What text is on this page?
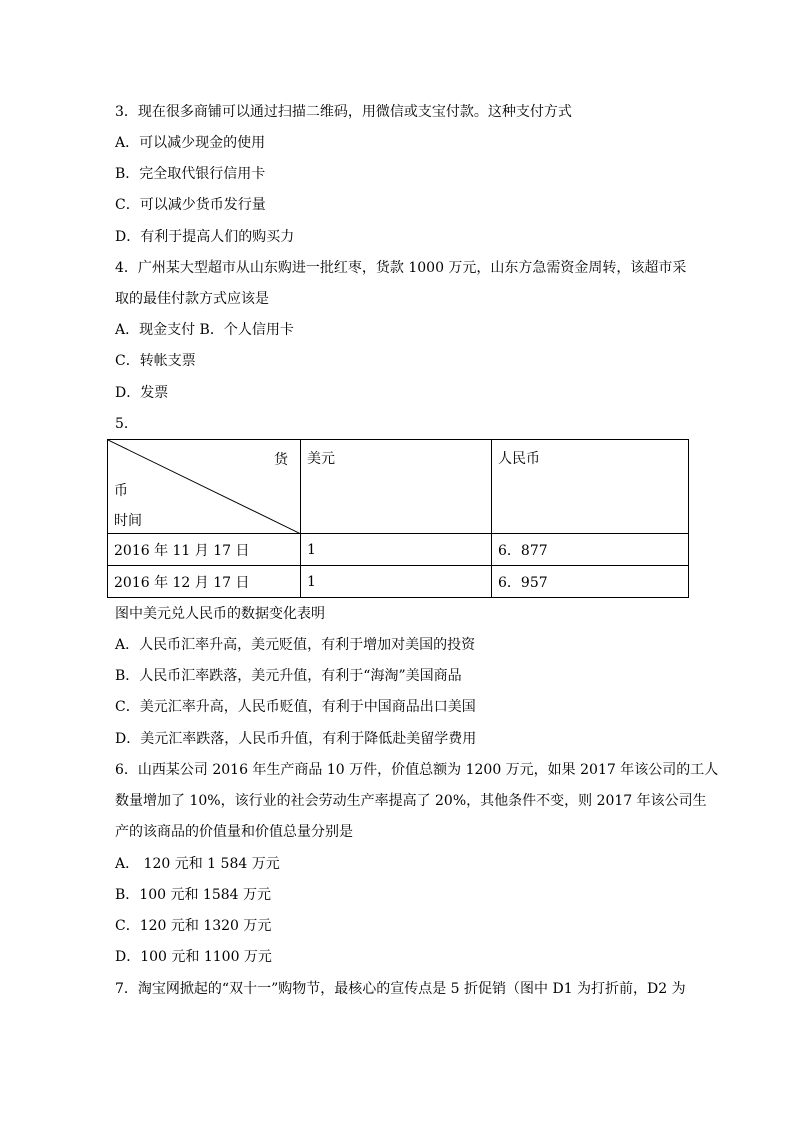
3．现在很多商铺可以通过扫描二维码，用微信或支宝付款。这种支付方式
A．可以减少现金的使用
B．完全取代银行信用卡
C．可以减少货币发行量
D．有利于提高人们的购买力
4．广州某大型超市从山东购进一批红枣，货款 1000 万元，山东方急需资金周转，该超市采
取的最佳付款方式应该是
A．现金支付 B．个人信用卡
C．转帐支票
D．发票
5．
货
币
时间	美元	人民币
2016 年 11 月 17 日	1	6．877
2016 年 12 月 17 日	1	6．957
图中美元兑人民币的数据变化表明
A．人民币汇率升高，美元贬值，有利于增加对美国的投资
B．人民币汇率跌落，美元升值，有利于“海淘”美国商品
C．美元汇率升高，人民币贬值，有利于中国商品出口美国
D．美元汇率跌落，人民币升值，有利于降低赴美留学费用
6．山西某公司 2016 年生产商品 10 万件，价值总额为 1200 万元，如果 2017 年该公司的工人
数量增加了 10%，该行业的社会劳动生产率提高了 20%，其他条件不变，则 2017 年该公司生
产的该商品的价值量和价值总量分别是
A． 120 元和 1 584 万元
B．100 元和 1584 万元
C．120 元和 1320 万元
D．100 元和 1100 万元
7．淘宝网掀起的“双十一”购物节，最核心的宣传点是 5 折促销（图中 D1 为打折前，D2 为
